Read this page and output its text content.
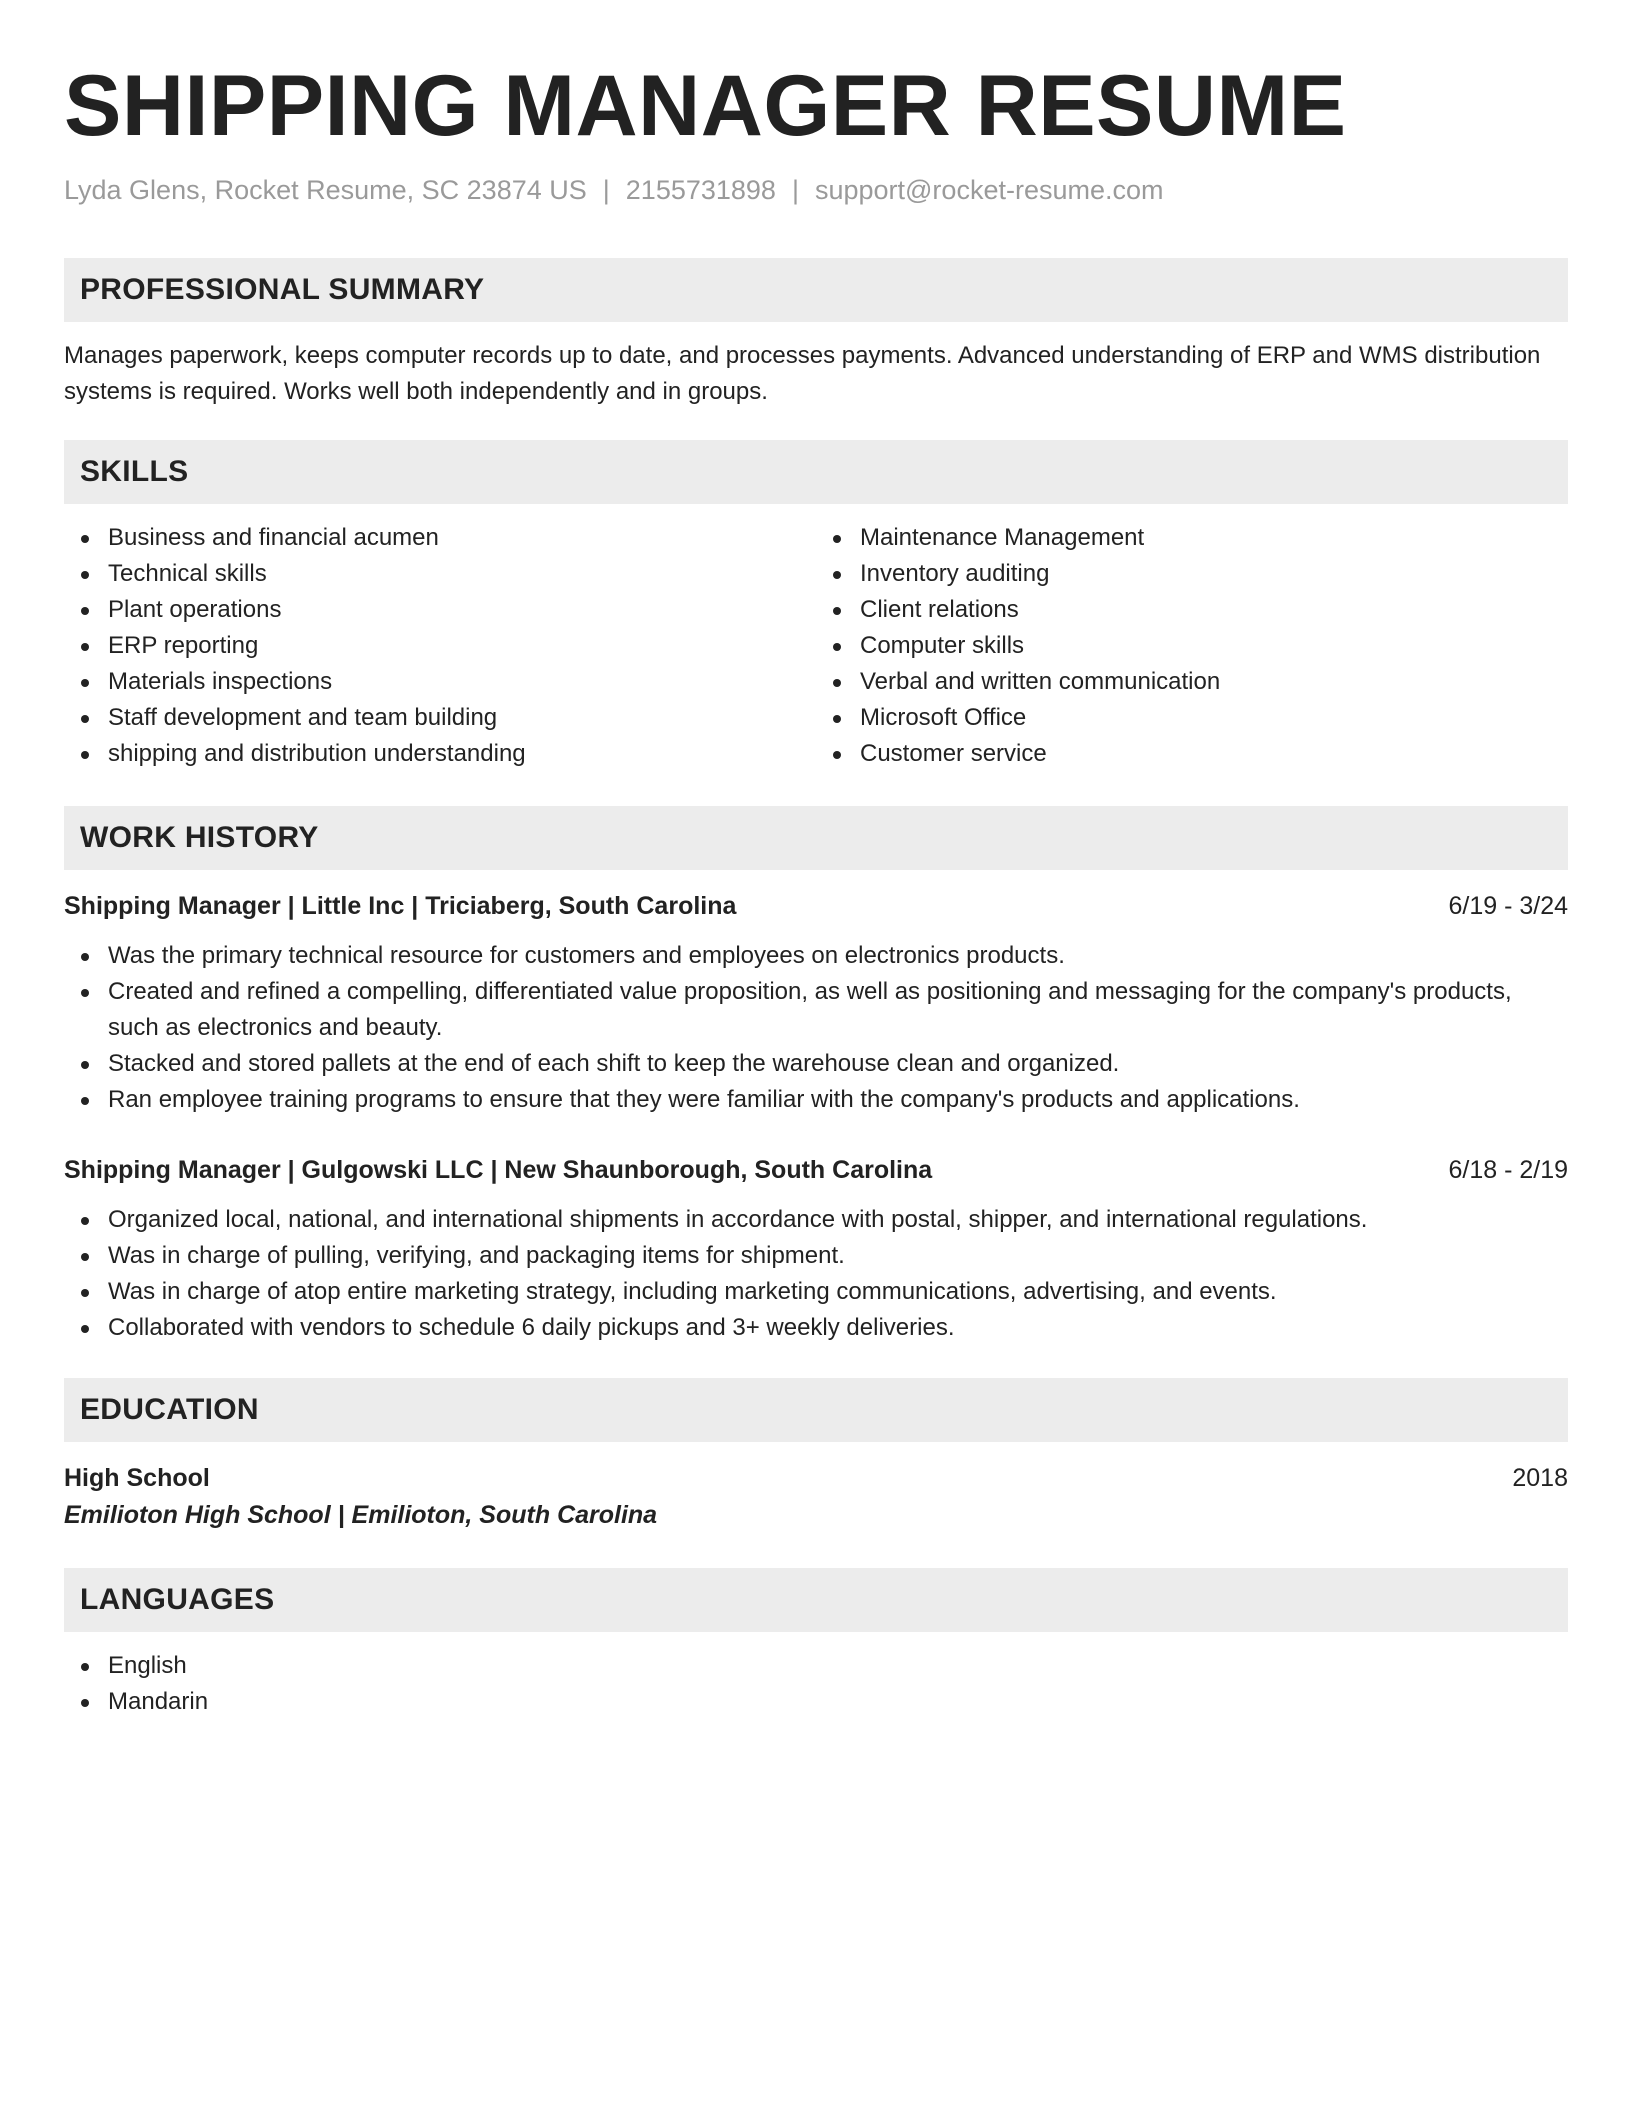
SHIPPING MANAGER RESUME
Lyda Glens, Rocket Resume, SC 23874 US | 2155731898 | support@rocket-resume.com
PROFESSIONAL SUMMARY
Manages paperwork, keeps computer records up to date, and processes payments. Advanced understanding of ERP and WMS distribution systems is required. Works well both independently and in groups.
SKILLS
Business and financial acumen
Technical skills
Plant operations
ERP reporting
Materials inspections
Staff development and team building
shipping and distribution understanding
Maintenance Management
Inventory auditing
Client relations
Computer skills
Verbal and written communication
Microsoft Office
Customer service
WORK HISTORY
Shipping Manager | Little Inc | Triciaberg, South Carolina	6/19 - 3/24
Was the primary technical resource for customers and employees on electronics products.
Created and refined a compelling, differentiated value proposition, as well as positioning and messaging for the company's products, such as electronics and beauty.
Stacked and stored pallets at the end of each shift to keep the warehouse clean and organized.
Ran employee training programs to ensure that they were familiar with the company's products and applications.
Shipping Manager | Gulgowski LLC | New Shaunborough, South Carolina	6/18 - 2/19
Organized local, national, and international shipments in accordance with postal, shipper, and international regulations.
Was in charge of pulling, verifying, and packaging items for shipment.
Was in charge of atop entire marketing strategy, including marketing communications, advertising, and events.
Collaborated with vendors to schedule 6 daily pickups and 3+ weekly deliveries.
EDUCATION
High School	2018
Emilioton High School | Emilioton, South Carolina
LANGUAGES
English
Mandarin
